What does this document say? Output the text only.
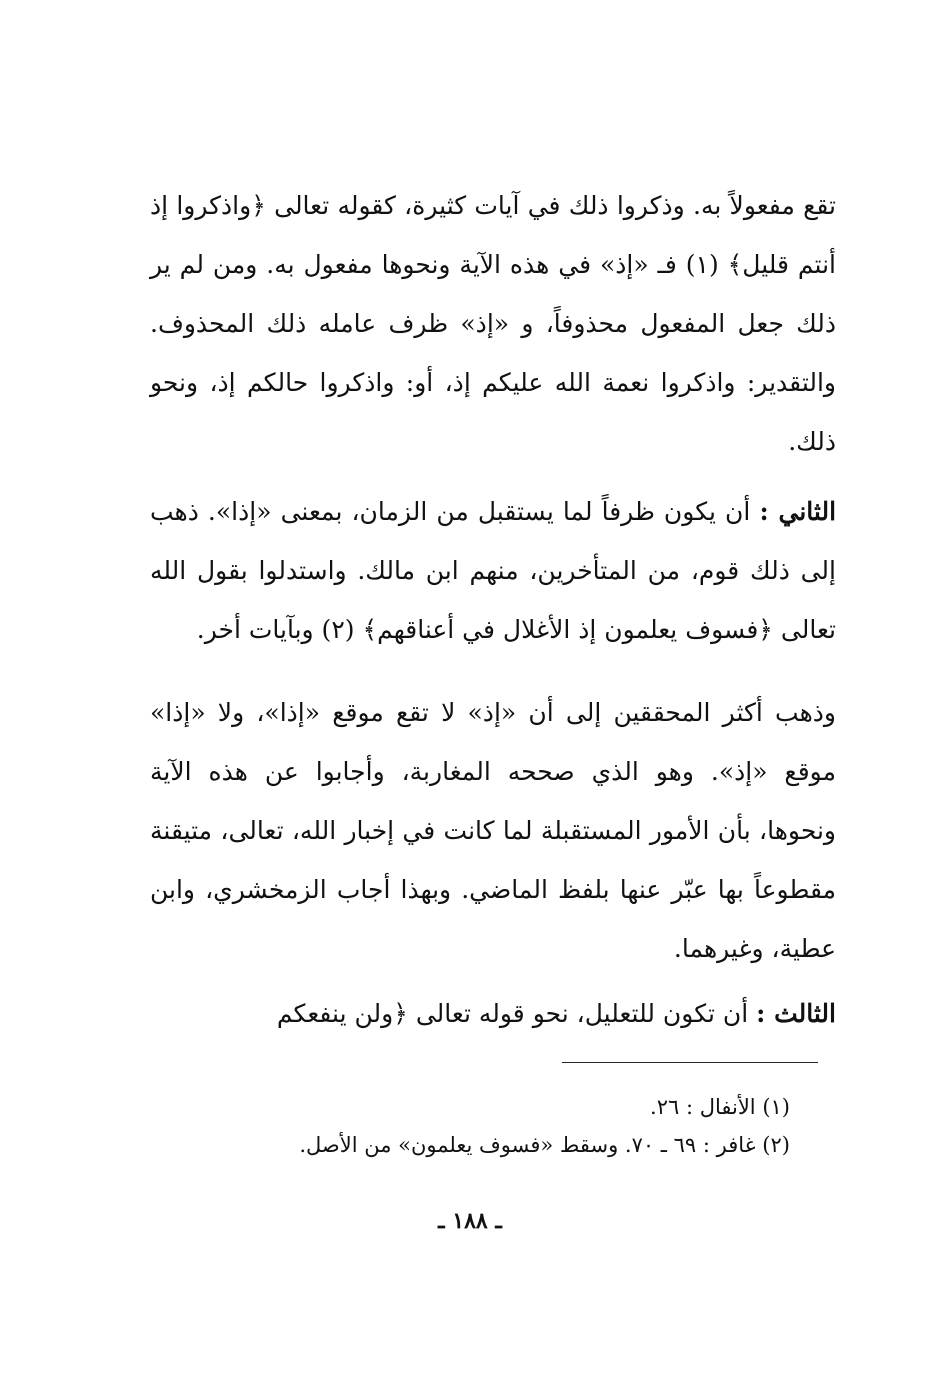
تقع مفعولاً به. وذكروا ذلك في آيات كثيرة، كقوله تعالى ﴿واذكروا إذ أنتم قليل﴾ (١) فـ «إذ» في هذه الآية ونحوها مفعول به. ومن لم ير ذلك جعل المفعول محذوفاً، و «إذ» ظرف عامله ذلك المحذوف. والتقدير: واذكروا نعمة الله عليكم إذ، أو: واذكروا حالكم إذ، ونحو ذلك.

الثاني : أن يكون ظرفاً لما يستقبل من الزمان، بمعنى «إذا». ذهب إلى ذلك قوم، من المتأخرين، منهم ابن مالك. واستدلوا بقول الله تعالى ﴿فسوف يعلمون إذ الأغلال في أعناقهم﴾ (٢) وبآيات أخر.

وذهب أكثر المحققين إلى أن «إذ» لا تقع موقع «إذا»، ولا «إذا» موقع «إذ». وهو الذي صححه المغاربة، وأجابوا عن هذه الآية ونحوها، بأن الأمور المستقبلة لما كانت في إخبار الله، تعالى، متيقنة مقطوعاً بها عبّر عنها بلفظ الماضي. وبهذا أجاب الزمخشري، وابن عطية، وغيرهما.

الثالث : أن تكون للتعليل، نحو قوله تعالى ﴿ولن ينفعكم

(١) الأنفال : ٢٦.
(٢) غافر : ٦٩ ـ ٧٠. وسقط «فسوف يعلمون» من الأصل.
ـ ١٨٨ ـ
